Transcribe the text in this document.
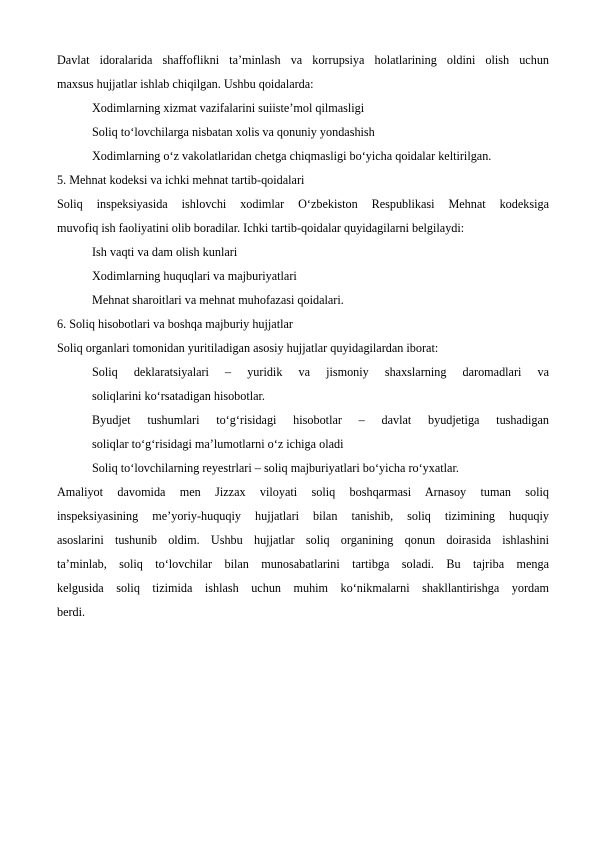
Davlat idoralarida shaffoflikni ta’minlash va korrupsiya holatlarining oldini olish uchun

maxsus hujjatlar ishlab chiqilgan. Ushbu qoidalarda:

Xodimlarning xizmat vazifalarini suiiste’mol qilmasligi

Soliq to‘lovchilarga nisbatan xolis va qonuniy yondashish

Xodimlarning o‘z vakolatlaridan chetga chiqmasligi bo‘yicha qoidalar keltirilgan.

5. Mehnat kodeksi va ichki mehnat tartib-qoidalari

Soliq inspeksiyasida ishlovchi xodimlar O‘zbekiston Respublikasi Mehnat kodeksiga

muvofiq ish faoliyatini olib boradilar. Ichki tartib-qoidalar quyidagilarni belgilaydi:

Ish vaqti va dam olish kunlari

Xodimlarning huquqlari va majburiyatlari

Mehnat sharoitlari va mehnat muhofazasi qoidalari.

6. Soliq hisobotlari va boshqa majburiy hujjatlar

Soliq organlari tomonidan yuritiladigan asosiy hujjatlar quyidagilardan iborat:

Soliq deklaratsiyalari – yuridik va jismoniy shaxslarning daromadlari va

soliqlarini ko‘rsatadigan hisobotlar.

Byudjet tushumlari to‘g‘risidagi hisobotlar – davlat byudjetiga tushadigan

soliqlar to‘g‘risidagi ma’lumotlarni o‘z ichiga oladi

Soliq to‘lovchilarning reyestrlari – soliq majburiyatlari bo‘yicha ro‘yxatlar.

Amaliyot davomida men Jizzax viloyati soliq boshqarmasi Arnasoy tuman soliq

inspeksiyasining me’yoriy-huquqiy hujjatlari bilan tanishib, soliq tizimining huquqiy

asoslarini tushunib oldim. Ushbu hujjatlar soliq organining qonun doirasida ishlashini

ta’minlab, soliq to‘lovchilar bilan munosabatlarini tartibga soladi. Bu tajriba menga

kelgusida soliq tizimida ishlash uchun muhim ko‘nikmalarni shakllantirishga yordam

berdi.
